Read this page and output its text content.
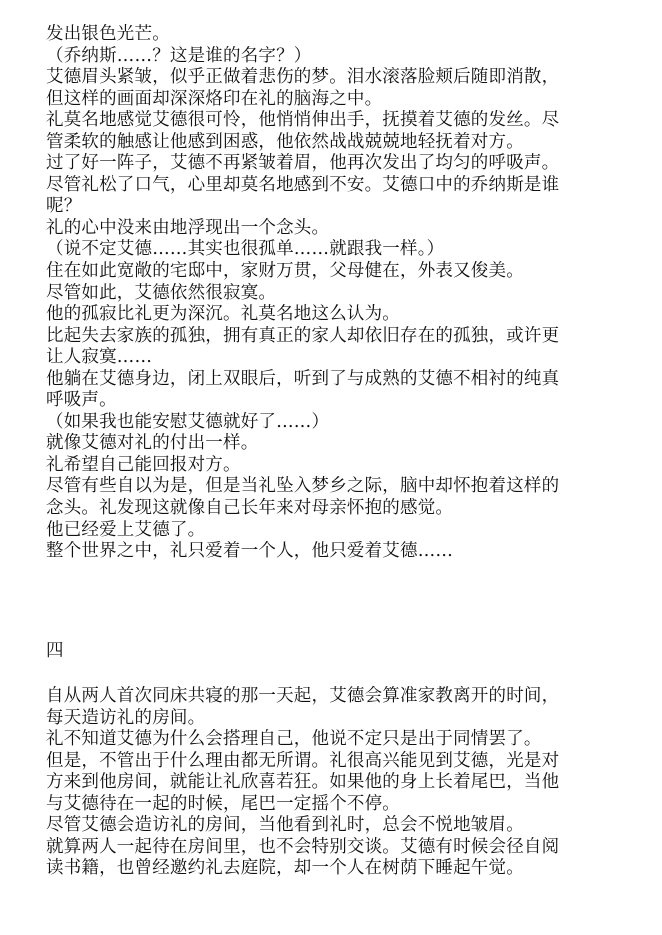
发出银色光芒。

（乔纳斯……？这是谁的名字？）

艾德眉头紧皱，似乎正做着悲伤的梦。泪水滚落脸颊后随即消散，

但这样的画面却深深烙印在礼的脑海之中。

礼莫名地感觉艾德很可怜，他悄悄伸出手，抚摸着艾德的发丝。尽

管柔软的触感让他感到困惑，他依然战战兢兢地轻抚着对方。

过了好一阵子，艾德不再紧皱着眉，他再次发出了均匀的呼吸声。

尽管礼松了口气，心里却莫名地感到不安。艾德口中的乔纳斯是谁

呢？

礼的心中没来由地浮现出一个念头。

（说不定艾德……其实也很孤单……就跟我一样。）

住在如此宽敞的宅邸中，家财万贯，父母健在，外表又俊美。

尽管如此，艾德依然很寂寞。

他的孤寂比礼更为深沉。礼莫名地这么认为。

比起失去家族的孤独，拥有真正的家人却依旧存在的孤独，或许更

让人寂寞……

他躺在艾德身边，闭上双眼后，听到了与成熟的艾德不相衬的纯真

呼吸声。

（如果我也能安慰艾德就好了……）

就像艾德对礼的付出一样。

礼希望自己能回报对方。

尽管有些自以为是，但是当礼坠入梦乡之际，脑中却怀抱着这样的

念头。礼发现这就像自己长年来对母亲怀抱的感觉。

他已经爱上艾德了。

整个世界之中，礼只爱着一个人，他只爱着艾德……

四

自从两人首次同床共寝的那一天起，艾德会算准家教离开的时间，

每天造访礼的房间。

礼不知道艾德为什么会搭理自己，他说不定只是出于同情罢了。

但是，不管出于什么理由都无所谓。礼很高兴能见到艾德，光是对

方来到他房间，就能让礼欣喜若狂。如果他的身上长着尾巴，当他

与艾德待在一起的时候，尾巴一定摇个不停。

尽管艾德会造访礼的房间，当他看到礼时，总会不悦地皱眉。

就算两人一起待在房间里，也不会特别交谈。艾德有时候会径自阅

读书籍，也曾经邀约礼去庭院，却一个人在树荫下睡起午觉。
